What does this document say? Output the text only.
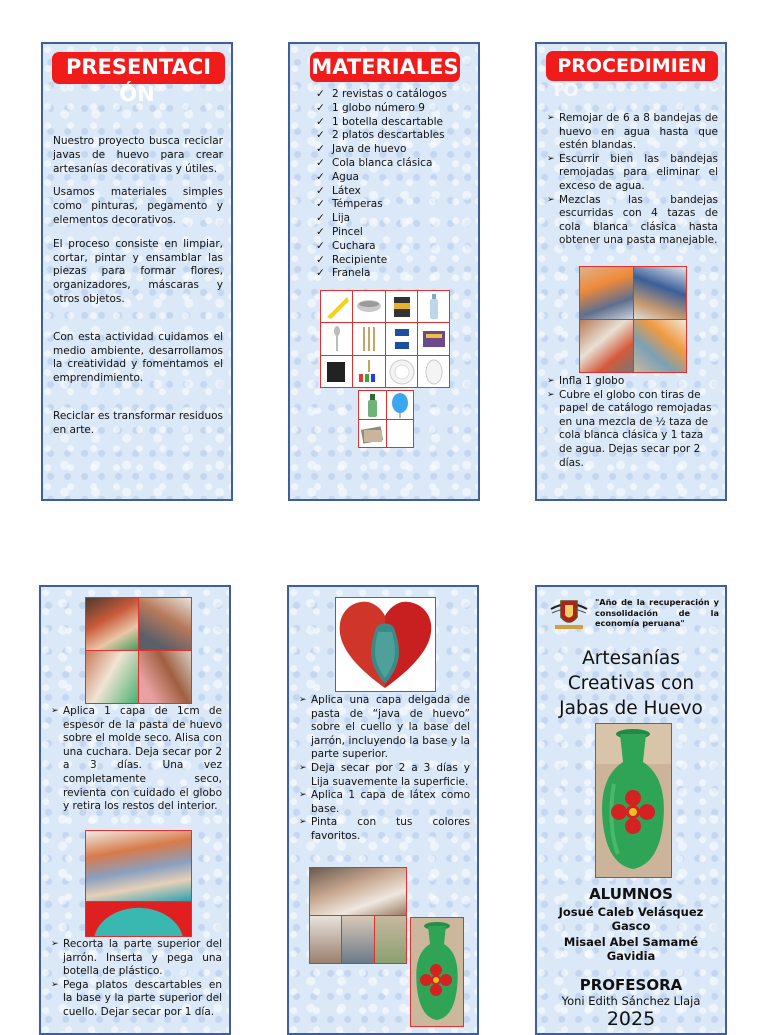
PRESENTACI
ÓN

Nuestro proyecto busca reciclar javas de huevo para crear artesanías decorativas y útiles.

Usamos materiales simples como pinturas, pegamento y elementos decorativos.

El proceso consiste en limpiar, cortar, pintar y ensamblar las piezas para formar flores, organizadores, máscaras y otros objetos.

Con esta actividad cuidamos el medio ambiente, desarrollamos la creatividad y fomentamos el emprendimiento.

Reciclar es transformar residuos en arte.

MATERIALES
✓ 2 revistas o catálogos
✓ 1 globo número 9
✓ 1 botella descartable
✓ 2 platos descartables
✓ Java de huevo
✓ Cola blanca clásica
✓ Agua
✓ Látex
✓ Témperas
✓ Lija
✓ Pincel
✓ Cuchara
✓ Recipiente
✓ Franela
PROCEDIMIEN
TO
➢ Remojar de 6 a 8 bandejas de huevo en agua hasta que estén blandas.
➢ Escurrir bien las bandejas remojadas para eliminar el exceso de agua.
➢ Mezclas las bandejas escurridas con 4 tazas de cola blanca clásica hasta obtener una pasta manejable.
➢ Infla 1 globo
➢ Cubre el globo con tiras de papel de catálogo remojadas en una mezcla de ½ taza de cola blanca clásica y 1 taza de agua. Dejas secar por 2 días.
➢ Aplica 1 capa de 1cm de espesor de la pasta de huevo sobre el molde seco. Alisa con una cuchara. Deja secar por 2 a 3 días. Una vez completamente seco, revienta con cuidado el globo y retira los restos del interior.
➢ Recorta la parte superior del jarrón. Inserta y pega una botella de plástico.
➢ Pega platos descartables en la base y la parte superior del cuello. Dejar secar por 1 día.
➢ Aplica una capa delgada de pasta de “java de huevo” sobre el cuello y la base del jarrón, incluyendo la base y la parte superior.
➢ Deja secar por 2 a 3 días y Lija suavemente la superficie.
➢ Aplica 1 capa de látex como base.
➢ Pinta con tus colores favoritos.
"Año de la recuperación y consolidación de la economía peruana"
Artesanías Creativas con Jabas de Huevo
ALUMNOS
Josué Caleb Velásquez Gasco
Misael Abel Samamé Gavidia
PROFESORA
Yoni Edith Sánchez Llaja
2025
